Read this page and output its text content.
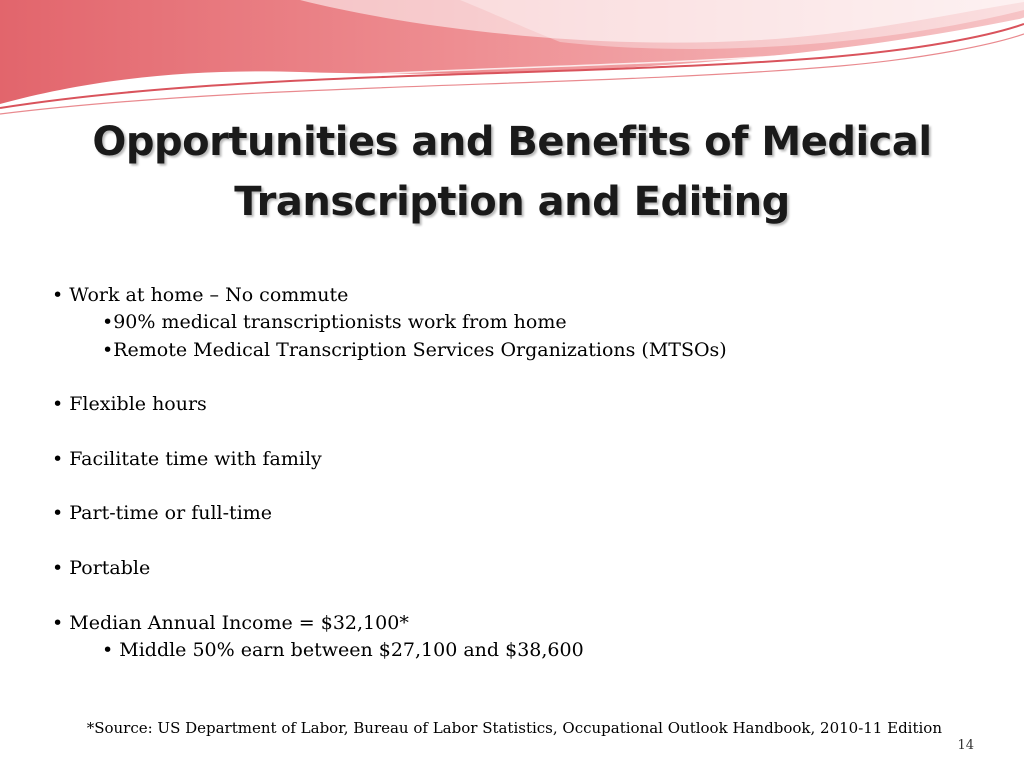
Opportunities and Benefits of Medical
Transcription and Editing
• Work at home – No commute
•90% medical transcriptionists work from home
•Remote Medical Transcription Services Organizations (MTSOs)
• Flexible hours
• Facilitate time with family
• Part-time or full-time
• Portable
• Median Annual Income = $32,100*
• Middle 50% earn between $27,100 and $38,600
*Source: US Department of Labor, Bureau of Labor Statistics, Occupational Outlook Handbook, 2010-11 Edition
14
